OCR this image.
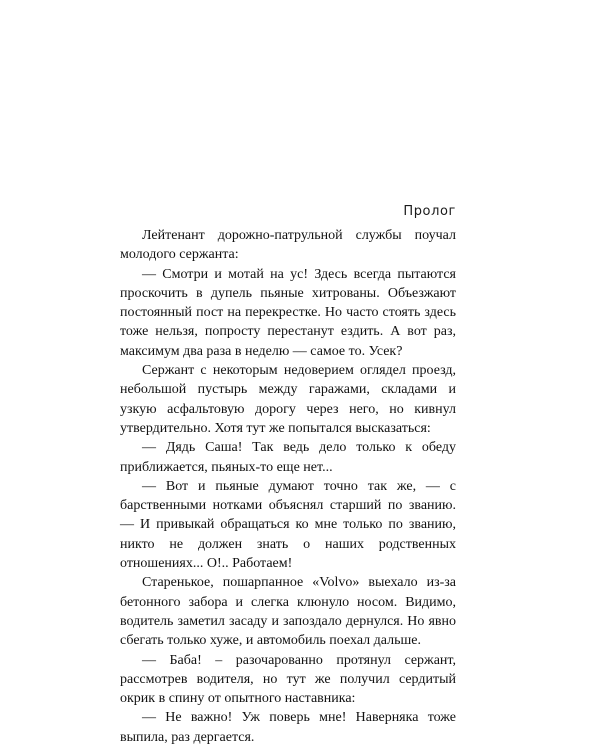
Пролог

Лейтенант дорожно-патрульной службы поучал молодого сержанта:

— Смотри и мотай на ус! Здесь всегда пытаются проскочить в дупель пьяные хитрованы. Объезжают постоянный пост на перекрестке. Но часто стоять здесь тоже нельзя, попросту перестанут ездить. А вот раз, максимум два раза в неделю — самое то. Усек?

Сержант с некоторым недоверием оглядел проезд, небольшой пустырь между гаражами, складами и узкую асфальтовую дорогу через него, но кивнул утвердительно. Хотя тут же попытался высказаться:

— Дядь Саша! Так ведь дело только к обеду приближается, пьяных-то еще нет...

— Вот и пьяные думают точно так же, — с барственными нотками объяснял старший по званию. — И привыкай обращаться ко мне только по званию, никто не должен знать о наших родственных отношениях... О!.. Работаем!

Старенькое, пошарпанное «Volvo» выехало из-за бетонного забора и слегка клюнуло носом. Видимо, водитель заметил засаду и запоздало дернулся. Но явно сбегать только хуже, и автомобиль поехал дальше.

— Баба! – разочарованно протянул сержант, рассмотрев водителя, но тут же получил сердитый окрик в спину от опытного наставника:

— Не важно! Уж поверь мне! Наверняка тоже выпила, раз дергается.
